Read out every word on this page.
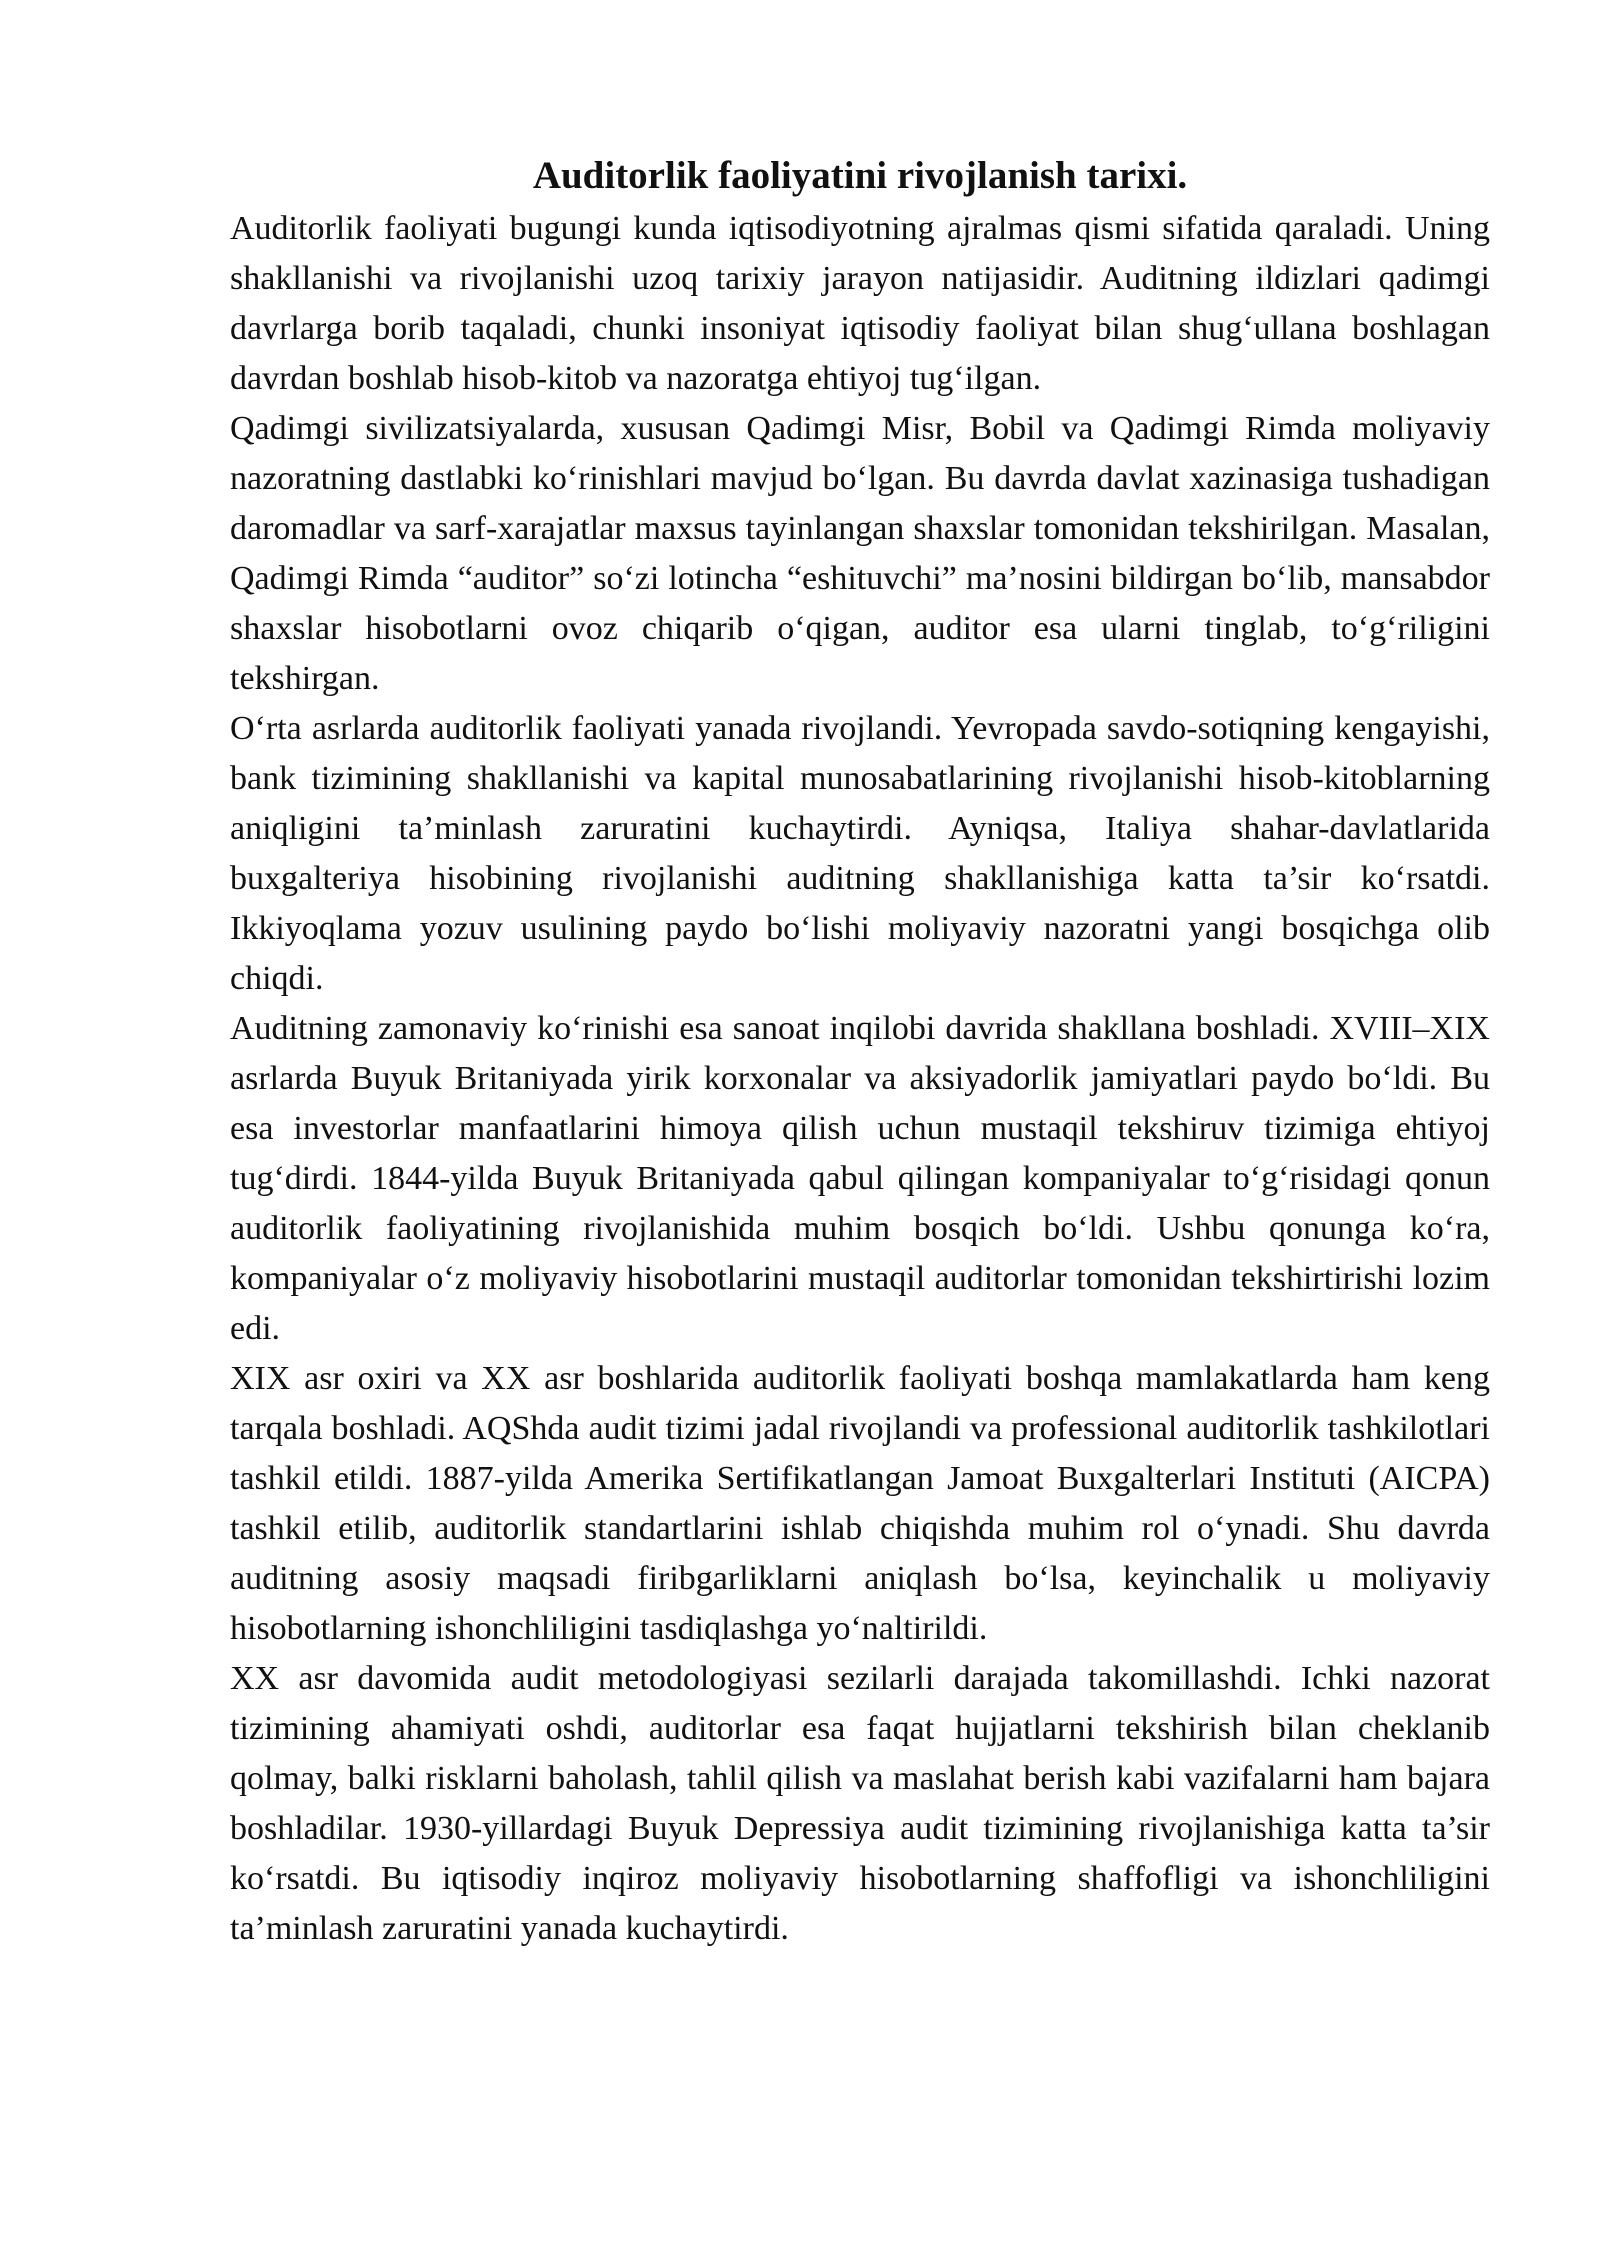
Auditorlik faoliyatini rivojlanish tarixi.

Auditorlik faoliyati bugungi kunda iqtisodiyotning ajralmas qismi sifatida qaraladi. Uning shakllanishi va rivojlanishi uzoq tarixiy jarayon natijasidir. Auditning ildizlari qadimgi davrlarga borib taqaladi, chunki insoniyat iqtisodiy faoliyat bilan shug‘ullana boshlagan davrdan boshlab hisob-kitob va nazoratga ehtiyoj tug‘ilgan.

Qadimgi sivilizatsiyalarda, xususan Qadimgi Misr, Bobil va Qadimgi Rimda moliyaviy nazoratning dastlabki ko‘rinishlari mavjud bo‘lgan. Bu davrda davlat xazinasiga tushadigan daromadlar va sarf-xarajatlar maxsus tayinlangan shaxslar tomonidan tekshirilgan. Masalan, Qadimgi Rimda “auditor” so‘zi lotincha “eshituvchi” ma’nosini bildirgan bo‘lib, mansabdor shaxslar hisobotlarni ovoz chiqarib o‘qigan, auditor esa ularni tinglab, to‘g‘riligini tekshirgan.

O‘rta asrlarda auditorlik faoliyati yanada rivojlandi. Yevropada savdo-sotiqning kengayishi, bank tizimining shakllanishi va kapital munosabatlarining rivojlanishi hisob-kitoblarning aniqligini ta’minlash zaruratini kuchaytirdi. Ayniqsa, Italiya shahar-davlatlarida buxgalteriya hisobining rivojlanishi auditning shakllanishiga katta ta’sir ko‘rsatdi. Ikkiyoqlama yozuv usulining paydo bo‘lishi moliyaviy nazoratni yangi bosqichga olib chiqdi.

Auditning zamonaviy ko‘rinishi esa sanoat inqilobi davrida shakllana boshladi. XVIII–XIX asrlarda Buyuk Britaniyada yirik korxonalar va aksiyadorlik jamiyatlari paydo bo‘ldi. Bu esa investorlar manfaatlarini himoya qilish uchun mustaqil tekshiruv tizimiga ehtiyoj tug‘dirdi. 1844-yilda Buyuk Britaniyada qabul qilingan kompaniyalar to‘g‘risidagi qonun auditorlik faoliyatining rivojlanishida muhim bosqich bo‘ldi. Ushbu qonunga ko‘ra, kompaniyalar o‘z moliyaviy hisobotlarini mustaqil auditorlar tomonidan tekshirtirishi lozim edi.

XIX asr oxiri va XX asr boshlarida auditorlik faoliyati boshqa mamlakatlarda ham keng tarqala boshladi. AQShda audit tizimi jadal rivojlandi va professional auditorlik tashkilotlari tashkil etildi. 1887-yilda Amerika Sertifikatlangan Jamoat Buxgalterlari Instituti (AICPA) tashkil etilib, auditorlik standartlarini ishlab chiqishda muhim rol o‘ynadi. Shu davrda auditning asosiy maqsadi firibgarliklarni aniqlash bo‘lsa, keyinchalik u moliyaviy hisobotlarning ishonchliligini tasdiqlashga yo‘naltirildi.

XX asr davomida audit metodologiyasi sezilarli darajada takomillashdi. Ichki nazorat tizimining ahamiyati oshdi, auditorlar esa faqat hujjatlarni tekshirish bilan cheklanib qolmay, balki risklarni baholash, tahlil qilish va maslahat berish kabi vazifalarni ham bajara boshladilar. 1930-yillardagi Buyuk Depressiya audit tizimining rivojlanishiga katta ta’sir ko‘rsatdi. Bu iqtisodiy inqiroz moliyaviy hisobotlarning shaffofligi va ishonchliligini ta’minlash zaruratini yanada kuchaytirdi.
